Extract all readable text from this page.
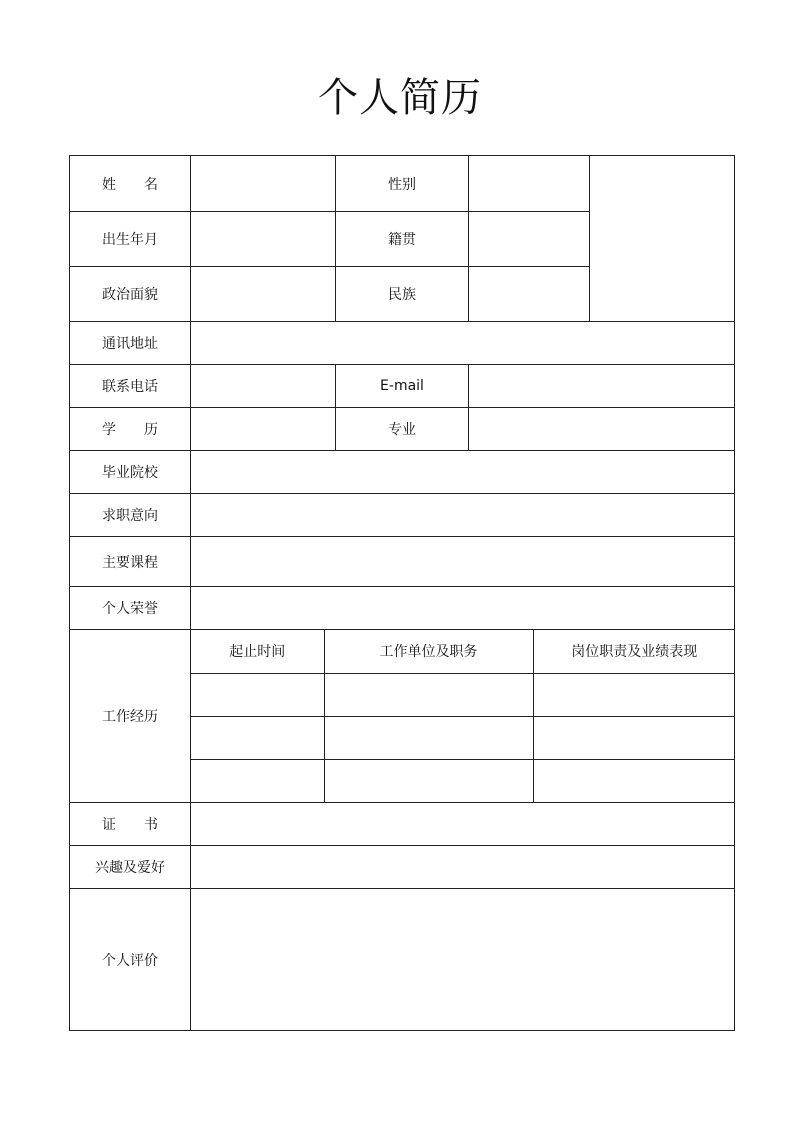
个人简历
姓　　名		性别		
出生年月		籍贯	
政治面貌		民族	
通讯地址	
联系电话		E-mail	
学　　历		专业	
毕业院校	
求职意向	
主要课程	
个人荣誉	
工作经历	
起止时间	工作单位及职务	岗位职责及业绩表现

证　　书	
兴趣及爱好	
个人评价	
